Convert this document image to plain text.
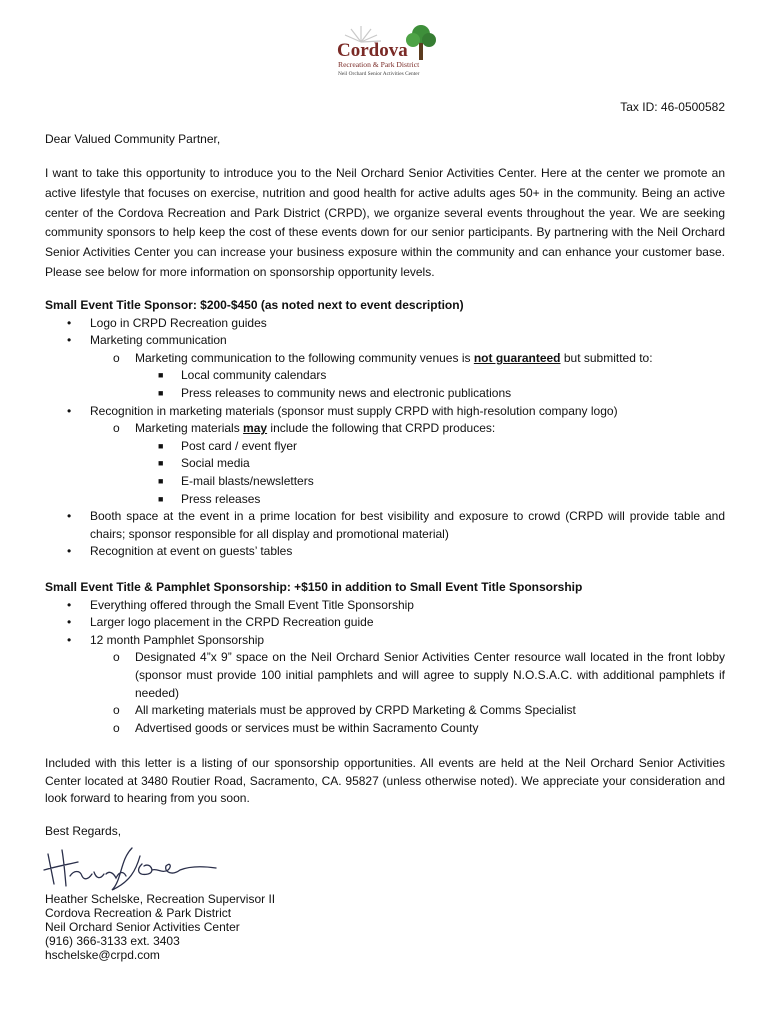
Cordova
Recreation & Park District
Neil Orchard Senior Activities Center
Tax ID: 46-0500582
Dear Valued Community Partner,

I want to take this opportunity to introduce you to the Neil Orchard Senior Activities Center. Here at the center we promote an active lifestyle that focuses on exercise, nutrition and good health for active adults ages 50+ in the community. Being an active center of the Cordova Recreation and Park District (CRPD), we organize several events throughout the year. We are seeking community sponsors to help keep the cost of these events down for our senior participants. By partnering with the Neil Orchard Senior Activities Center you can increase your business exposure within the community and can enhance your customer base. Please see below for more information on sponsorship opportunity levels.

Small Event Title Sponsor: $200-$450 (as noted next to event description)
• Logo in CRPD Recreation guides
• Marketing communication
o Marketing communication to the following community venues is not guaranteed but submitted to:
■ Local community calendars
■ Press releases to community news and electronic publications
• Recognition in marketing materials (sponsor must supply CRPD with high-resolution company logo)
o Marketing materials may include the following that CRPD produces:
■ Post card / event flyer
■ Social media
■ E-mail blasts/newsletters
■ Press releases
• Booth space at the event in a prime location for best visibility and exposure to crowd (CRPD will provide table and chairs; sponsor responsible for all display and promotional material)
• Recognition at event on guests’ tables
Small Event Title & Pamphlet Sponsorship: +$150 in addition to Small Event Title Sponsorship
• Everything offered through the Small Event Title Sponsorship
• Larger logo placement in the CRPD Recreation guide
• 12 month Pamphlet Sponsorship
o Designated 4”x 9” space on the Neil Orchard Senior Activities Center resource wall located in the front lobby (sponsor must provide 100 initial pamphlets and will agree to supply N.O.S.A.C. with additional pamphlets if needed)
o All marketing materials must be approved by CRPD Marketing & Comms Specialist
o Advertised goods or services must be within Sacramento County

Included with this letter is a listing of our sponsorship opportunities. All events are held at the Neil Orchard Senior Activities Center located at 3480 Routier Road, Sacramento, CA. 95827 (unless otherwise noted). We appreciate your consideration and look forward to hearing from you soon.

Best Regards,
Heather Schelske, Recreation Supervisor II
Cordova Recreation & Park District
Neil Orchard Senior Activities Center
(916) 366-3133 ext. 3403
hschelske@crpd.com
